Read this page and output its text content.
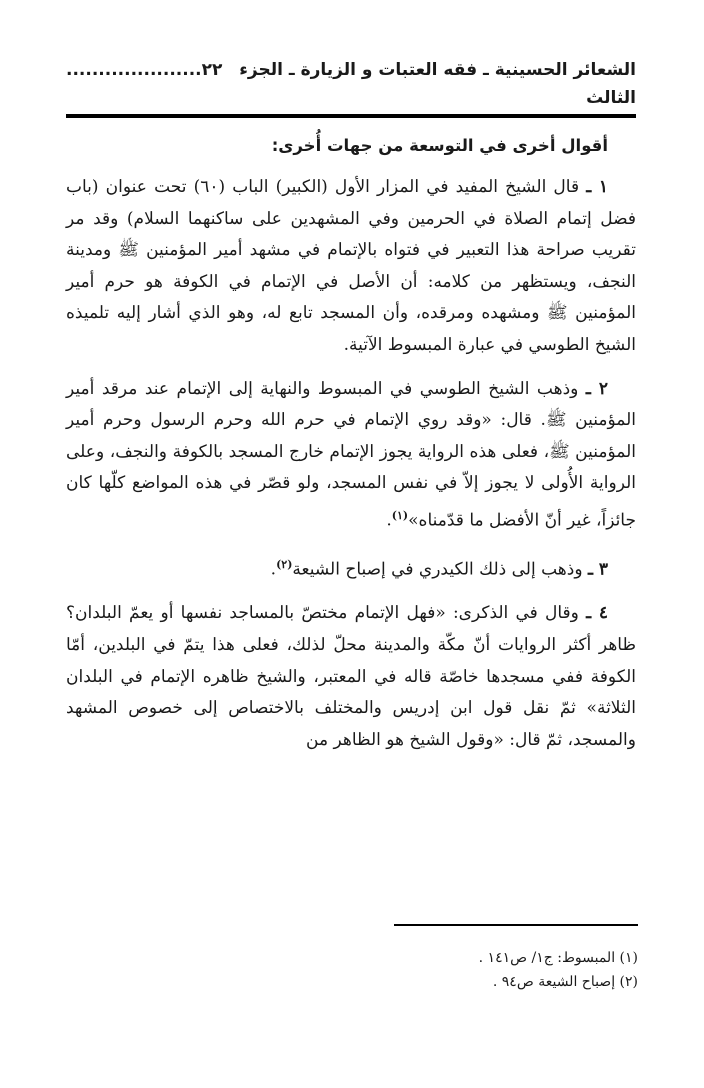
الشعائر الحسينية ـ فقه العتبات و الزيارة ـ الجزء الثالث
٢٢.....................
أقوال أخرى في التوسعة من جهات أُخرى:

١ ـ قال الشيخ المفيد في المزار الأول (الكبير) الباب (٦٠) تحت عنوان (باب فضل إتمام الصلاة في الحرمين وفي المشهدين على ساكنهما السلام) وقد مر تقريب صراحة هذا التعبير في فتواه بالإتمام في مشهد أمير المؤمنين ﷺ ومدينة النجف، ويستظهر من كلامه: أن الأصل في الإتمام في الكوفة هو حرم أمير المؤمنين ﷺ ومشهده ومرقده، وأن المسجد تابع له، وهو الذي أشار إليه تلميذه الشيخ الطوسي في عبارة المبسوط الآتية.

٢ ـ وذهب الشيخ الطوسي في المبسوط والنهاية إلى الإتمام عند مرقد أمير المؤمنين ﷺ. قال: «وقد روي الإتمام في حرم الله وحرم الرسول وحرم أمير المؤمنين ﷺ، فعلى هذه الرواية يجوز الإتمام خارج المسجد بالكوفة والنجف، وعلى الرواية الأُولى لا يجوز إلاّ في نفس المسجد، ولو قصّر في هذه المواضع كلّها كان جائزاً، غير أنّ الأفضل ما قدّمناه»$^{(١)}$.

٣ ـ وذهب إلى ذلك الكيدري في إصباح الشيعة$^{(٢)}$.

٤ ـ وقال في الذكرى: «فهل الإتمام مختصّ بالمساجد نفسها أو يعمّ البلدان؟ ظاهر أكثر الروايات أنّ مكّة والمدينة محلّ لذلك، فعلى هذا يتمّ في البلدين، أمّا الكوفة ففي مسجدها خاصّة قاله في المعتبر، والشيخ ظاهره الإتمام في البلدان الثلاثة» ثمّ نقل قول ابن إدريس والمختلف بالاختصاص إلى خصوص المشهد والمسجد، ثمّ قال: «وقول الشيخ هو الظاهر من

(١) المبسوط: ج١/ ص١٤١ .
(٢) إصباح الشيعة ص٩٤ .
